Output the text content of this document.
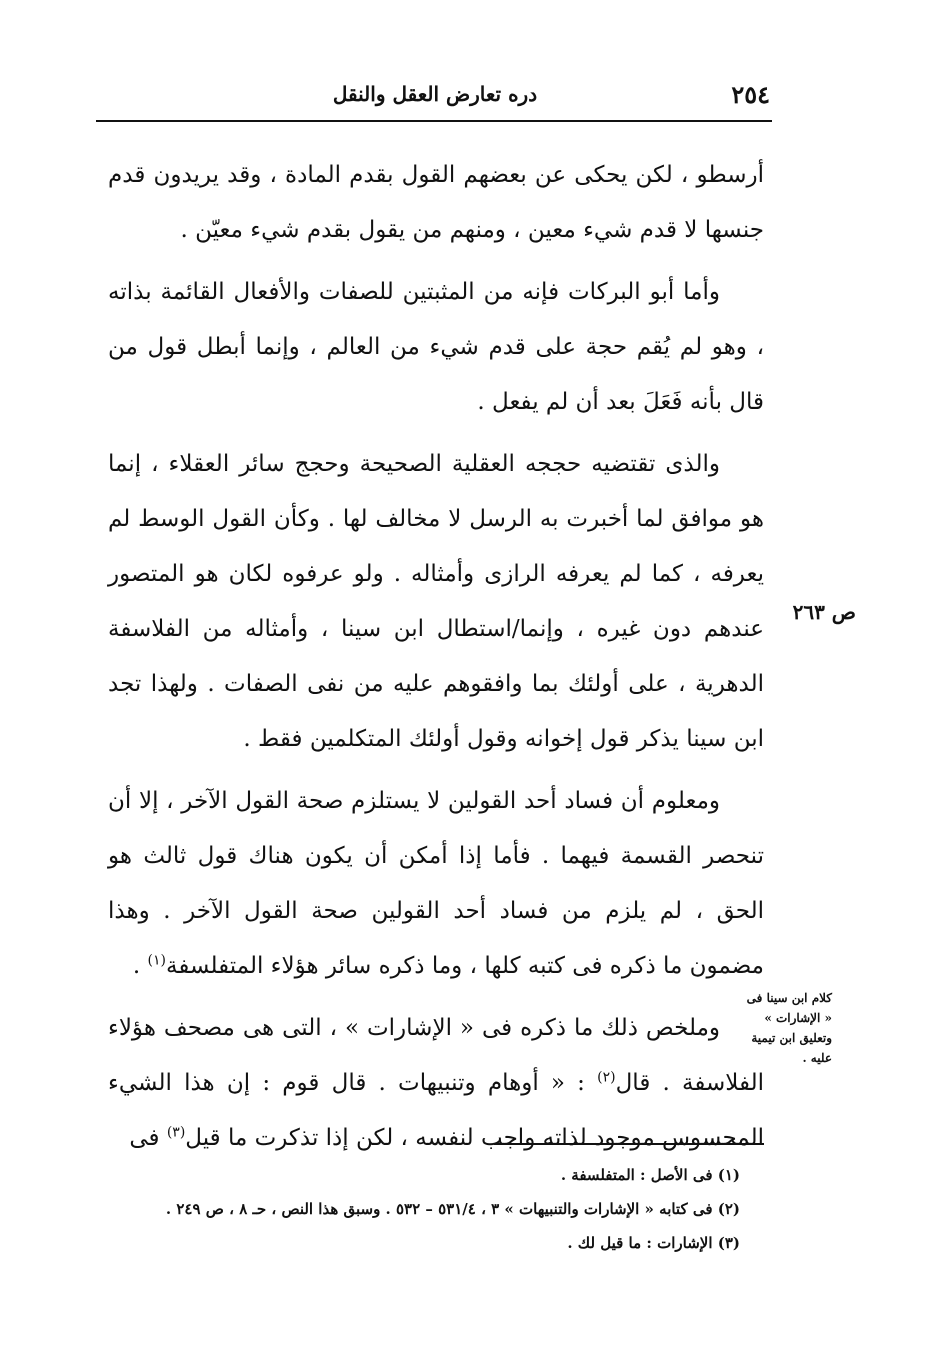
٢٥٤
دره تعارض العقل والنقل

أرسطو ، لكن يحكى عن بعضهم القول بقدم المادة ، وقد يريدون قدم جنسها لا قدم شيء معين ، ومنهم من يقول بقدم شيء معيّن .

وأما أبو البركات فإنه من المثبتين للصفات والأفعال القائمة بذاته ، وهو لم يُقم حجة على قدم شيء من العالم ، وإنما أبطل قول من قال بأنه فَعَلَ بعد أن لم يفعل .

والذى تقتضيه حججه العقلية الصحيحة وحجج سائر العقلاء ، إنما هو موافق لما أخبرت به الرسل لا مخالف لها . وكأن القول الوسط لم يعرفه ، كما لم يعرفه الرازى وأمثاله . ولو عرفوه لكان هو المتصور عندهم دون غيره ، وإنما/استطال ابن سينا ، وأمثاله من الفلاسفة الدهرية ، على أولئك بما وافقوهم عليه من نفى الصفات . ولهذا تجد ابن سينا يذكر قول إخوانه وقول أولئك المتكلمين فقط .

ومعلوم أن فساد أحد القولين لا يستلزم صحة القول الآخر ، إلا أن تنحصر القسمة فيهما . فأما إذا أمكن أن يكون هناك قول ثالث هو الحق ، لم يلزم من فساد أحد القولين صحة القول الآخر . وهذا مضمون ما ذكره فى كتبه كلها ، وما ذكره سائر هؤلاء المتفلسفة$^{(١)}$ .

وملخص ذلك ما ذكره فى « الإشارات » ، التى هى مصحف هؤلاء الفلاسفة . قال$^{(٢)}$ : « أوهام وتنبيهات . قال قوم : إن هذا الشيء المحسوس موجود لذاته واجب لنفسه ، لكن إذا تذكرت ما قيل$^{(٣)}$ فى

ص ٢٦٣
كلام ابن سينا فى « الإشارات » وتعليق ابن تيمية عليه .
(١) فى الأصل : المتفلسفة .
(٢) فى كتابه « الإشارات والتنبيهات » ٣ ، ٥٣١/٤ – ٥٣٢ . وسبق هذا النص ، حـ ٨ ، ص ٢٤٩ .
(٣) الإشارات : ما قيل لك .
